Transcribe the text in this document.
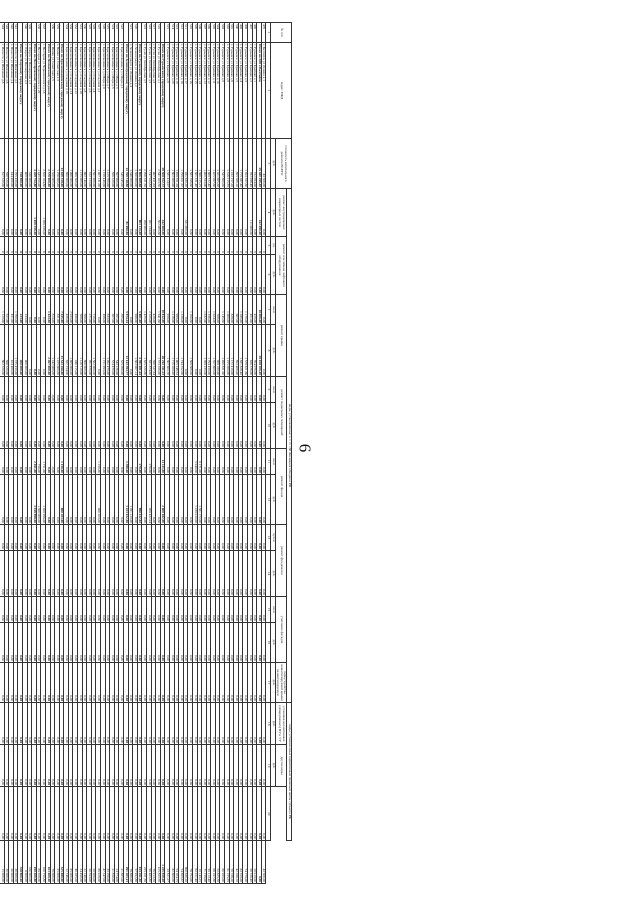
6
№ п/п	Адрес МКД	Стоимость капитального ремонта ВСЕГО	виды, установленные ч. 1 ст. 166 Жилищного Кодекса РФ														виды, установленные нормативным правовым актом субъекта РФ			
			ремонт внутридомовых инженерных систем	ремонт или замена лифтового оборудования		ремонт крыши		ремонт подвальных помещений		ремонт фасада		ремонт фундамента		утепление фасадов		переустройство невентилируемой крыши на вентилируемую	установка коллективных (общедомовых) ПУ и УУ	другие виды		
		руб.	руб.	ед.	руб.	кв.м	руб.	кв.м	руб.	кв.м	руб.	куб.м	руб.	кв.м	руб.	руб.	руб.	руб.		
1	2	3	4	5	6	7	8	9	10	11	12	13	14	15	16	17	18	19	20	
476	г. Балтийск ул Ленина д.1	43 500,00	0,00	0	0,00	0,00	0,00	0,00	0,00	0,00	0,00	0,00	0,00	0,00	0,00	0,00	0,00	0,00	0,00	43 500,00
	Итого по МО г.Балтийск	29 480 296,40	442 090,00	0	0,00	18 006,00	29 038 206,40	0,00	0,00	0,00	0,00	0,00	0,00	0,00	0,00	0,00	0,00	0,00	0,00	0,00
496	г. Гурьевск ул Крайняя д.1	732 094,00	0,00	0	0,00	429,00	704 076,00	0,00	0,00	0,00	0,00	0,00	0,00	0,00	0,00	0,00	0,00	0,00	0,00	28 018,00
497	г. Гурьевск ул Крайняя д.2	782 098,40	111 000,00	0	0,00	451,00	620 378,00	0,00	0,00	0,00	0,00	0,00	0,00	0,00	0,00	0,00	0,00	0,00	0,00	50 720,40
498	г. Гурьевск ул Крайняя д.3	1 653 397,60	0,00	0	0,00	1 179,00	1 578 621,60	0,00	0,00	0,00	0,00	0,00	0,00	0,00	0,00	0,00	0,00	0,00	0,00	74 776,00
499	г. Гурьевск ул Крайняя д.4	1 715 387,40	0,00	0	0,00	1 280,00	1 631 828,40	0,00	0,00	0,00	0,00	0,00	0,00	0,00	0,00	0,00	0,00	0,00	0,00	83 559,00
500	г. Гурьевск ул Крайняя д.5	895 566,10	0,00	0	0,00	607,00	853 406,00	0,00	0,00	0,00	0,00	0,00	0,00	0,00	0,00	0,00	0,00	0,00	0,00	42 160,10
501	г. Гурьевск ул Крайняя д.6	1 232 157,20	0,00	0	0,00	828,00	1 172 419,00	0,00	0,00	0,00	0,00	0,00	0,00	0,00	0,00	0,00	0,00	0,00	0,00	59 738,20
502	г. Гурьевск ул Крайняя д.8	1 316 215,65	0,00	0	0,00	1 000,00	1 255 060,00	0,00	0,00	0,00	0,00	0,00	0,00	0,00	0,00	0,00	0,00	0,00	0,00	61 155,65
503	г. Гурьевск ул Крайняя д.9	1 547 800,00	0,00	0	0,00	1 145,00	1 466 831,00	0,00	0,00	0,00	0,00	0,00	0,00	0,00	0,00	0,00	0,00	0,00	0,00	80 969,00
504	г. Гурьевск ул Крайняя д.10	1 021 005,30	0,00	0	0,00	700,00	968 180,00	0,00	0,00	0,00	0,00	0,00	0,00	0,00	0,00	0,00	0,00	0,00	0,00	52 825,30
505	г. Гурьевск ул Крайняя д.11	1 425 967,60	0,00	0	0,00	1 024,00	1 357 800,00	0,00	0,00	0,00	0,00	0,00	0,00	0,00	0,00	0,00	0,00	0,00	0,00	68 167,60
506	г. Гурьевск ул Крайняя д.12	1 889 572,40	0,00	0	0,00	1 356,00	1 794 459,00	0,00	0,00	0,00	0,00	0,00	0,00	0,00	0,00	0,00	0,00	0,00	0,00	95 113,40
507	г. Гурьевск ул Крайняя д.13	1 469 393,00	0,00	0	0,00	1 032,00	1 398 235,00	0,00	0,00	0,00	0,00	0,00	0,00	0,00	0,00	0,00	0,00	0,00	0,00	71 158,00
508	г. Гурьевск ул Крайняя д.14	1 380 315,25	0,00	0	0,00	0,00	0,00	0,00	0,00	6 171,00	1 361 172,00	0,00	0,00	0,00	0,00	0,00	0,00	0,00	0,00	19 143,25
509	г. Гурьевск ул Крайняя д.15	1 301 231,40	0,00	0	0,00	0,00	0,00	0,00	0,00	5 940,00	1 239 010,00	0,00	0,00	0,00	0,00	0,00	0,00	0,00	0,00	62 221,40
510	г. Гурьевск ул Крайняя д.16	1 587 398,00	0,00	0	0,00	1 100,00	1 508 606,00	0,00	0,00	0,00	0,00	0,00	0,00	0,00	0,00	0,00	0,00	0,00	0,00	78 792,00
511	г. Гурьевск ул Крайняя д.17	931 630,20	331 000,00	0	0,00	0,00	0,00	0,00	0,00	0,00	0,00	0,00	0,00	0,00	0,00	0,00	0,00	0,00	0,00	600 630,20
512	г. Гурьевск ул Крайняя д.18	1 799 021,67	0,00	0	0,00	1 228,00	1 744 352,00	0,00	0,00	0,00	0,00	0,00	0,00	0,00	0,00	0,00	0,00	0,00	0,00	54 669,67
513	г. Гурьевск ул Крайняя д.19	1 459 351,28	0,00	0	0,00	999,00	1 405 246,53	0,00	0,00	0,00	0,00	0,00	0,00	0,00	0,00	0,00	0,00	0,00	0,00	54 104,75
514	г. Гурьевск ул Крайняя д.20	1 802 000,00	0,00	0	0,00	1 216,00	1 719 200,00	0,00	0,00	0,00	0,00	0,00	0,00	0,00	0,00	0,00	0,00	0,00	0,00	82 800,00
515	г. Гурьевск ул Крайняя д.21	1 331 414,97	0,00	0	0,00	958,00	1 307 603,70	0,00	0,00	0,00	0,00	0,00	0,00	0,00	0,00	0,00	0,00	0,00	0,00	23 811,27
	Итого по Гурьевскому городскому округу	29 308 552,72	442 000,00	0	0,00	19 812,00	26 262 411,23	0,00	0,00	12 111,00	2 600 182,00	0,00	0,00	0,00	0,00	0,00	0,00	0,00	0,00	1 245 959,49
516	г. Гусев ул Октябрьская д.1	2 641 203,56	502 000,00	0	0,00	1 641,00	1 723 350,00	0,00	0,00	0,00	0,00	0,00	0,00	0,00	0,00	0,00	0,00	0,00	0,00	415 853,56
517	г. Гусев ул Октябрьская д.3	467 451,03	0,00	0	0,00	420,00	390 537,64	0,00	0,00	0,00	0,00	0,00	0,00	0,00	0,00	0,00	0,00	0,00	0,00	76 913,39
518	г. Гусев ул Октябрьская д.5	1 747 923,83	201 134,00	0	0,00	2 320,00	651 874,00	0,00	0,00	270,00	998 432,94	0,00	0,00	0,00	0,00	0,00	0,00	0,00	0,00	96 482,89
519	г. Гусев ул Октябрьская д.7	2 050 331,56	200 000,00	0	0,00	1 420,00	1 625 320,00	0,00	0,00	0,00	0,00	0,00	0,00	0,00	0,00	0,00	0,00	0,00	0,00	225 011,56
	Итого по Гусевскому городскому округу	6 906 909,98	903 134,00	0	0,00	5 801,00	4 391 081,64	0,00	0,00	270,00	998 432,94	0,00	0,00	0,00	0,00	0,00	0,00	0,00	0,00	814 261,40
520	г. Зеленоградск ул Ленина д.2	1 360 000,00	0,00	0	0,00	980,00	1 302 007,14	0,00	0,00	0,00	0,00	0,00	0,00	0,00	0,00	0,00	0,00	0,00	0,00	57 992,86
521	г. Зеленоградск ул Ленина д.4	1 340 000,00	0,00	0	0,00	0,00	0,00	0,00	0,00	0,00	1 261 120,00	0,00	0,00	0,00	0,00	0,00	0,00	0,00	0,00	78 880,00
	Итого по Зеленоградскому городскому округу	14 769 318,90	81 690,00	0	0,00	5 974,24	13 143 393,77	0,00	0,00	1 390,00	1 253 032,00	0,00	0,00	0,00	0,00	0,00	0,00	0,00	0,00	291 203,13
522	г. Краснознаменск ул Мира д.1	546 945,00	0,00	0	0,00	395,00	525 060,00	0,00	0,00	0,00	0,00	0,00	0,00	0,00	0,00	0,00	0,00	0,00	0,00	21 885,00
523	г. Краснознаменск ул Мира д.3	567 900,00	0,00	0	0,00	261,00	543 126,00	0,00	0,00	0,00	0,00	0,00	0,00	0,00	0,00	0,00	0,00	0,00	0,00	24 774,00
524	г. Краснознаменск ул Мира д.5	596 320,00	0,00	0	0,00	307,00	574 470,00	0,00	0,00	0,00	0,00	0,00	0,00	0,00	0,00	0,00	0,00	0,00	0,00	21 850,00
525	г. Краснознаменск ул Мира д.7	1 125 760,00	0,00	0	0,00	633,00	1 092 470,00	0,00	0,00	0,00	0,00	0,00	0,00	0,00	0,00	0,00	0,00	0,00	0,00	33 290,00
526	г. Краснознаменск ул Мира д.9	1 198 440,00	0,00	0	0,00	498,00	1 151 093,00	0,00	0,00	0,00	0,00	0,00	0,00	0,00	0,00	0,00	0,00	0,00	0,00	47 347,00
527	г. Краснознаменск ул Садовая д.2	1 067 131,00	0,00	0	0,00	0,00	0,00	0,00	0,00	1 150,00	980 203,00	0,00	0,00	0,00	0,00	0,00	0,00	0,00	0,00	86 928,00
528	г. Краснознаменск ул Садовая д.4	1 561 900,00	0,00	0	0,00	719,00	1 502 000,00	0,00	0,00	0,00	0,00	0,00	0,00	0,00	0,00	0,00	0,00	0,00	0,00	59 900,00
529	г. Краснознаменск ул Садовая д.6	722 223,00	0,00	0	0,00	271,00	701 870,00	0,00	0,00	0,00	0,00	0,00	0,00	0,00	0,00	0,00	0,00	0,00	0,00	20 353,00
530	г. Краснознаменск ул Садовая д.8	882 140,00	0,00	0	0,00	500,00	860 000,00	0,00	0,00	0,00	0,00	0,00	0,00	0,00	0,00	0,00	0,00	0,00	0,00	22 140,00
531	г. Краснознаменск ул Садовая д.10	1 155 000,00	0,00	0	0,00	508,00	1 120 510,00	0,00	0,00	0,00	0,00	0,00	0,00	0,00	0,00	0,00	0,00	0,00	0,00	34 490,00
532	г. Краснознаменск ул Садовая д.12	986 500,00	0,00	0	0,00	490,00	940 215,00	0,00	0,00	0,00	0,00	0,00	0,00	0,00	0,00	0,00	0,00	0,00	0,00	46 285,00
533	г. Краснознаменск ул Садовая д.14	1 980 000,00	0,00	0	0,00	2 033,00	1 895 000,00	0,00	0,00	0,00	0,00	0,00	0,00	0,00	0,00	0,00	0,00	0,00	0,00	85 000,00
534	г. Краснознаменск ул Садовая д.16	660 000,00	0,00	0	0,00	430,00	637 254,00	0,00	0,00	0,00	0,00	0,00	0,00	0,00	0,00	0,00	0,00	0,00	0,00	22 746,00
	Итого по Краснознаменскому городскому округу	13 049 359,00	0,00	0	0,00	7 045,00	11 543 268,00	0,00	0,00	1 150,00	980 203,00	0,00	0,00	0,00	0,00	0,00	0,00	0,00	0,00	525 888,00
535	г. Неман ул Советская д.3	1 250 000,00	0,00	0	0,00	811,00	1 225 000,00	0,00	0,00	0,00	0,00	0,00	0,00	0,00	0,00	0,00	0,00	0,00	0,00	25 000,00
536	г. Неман ул Советская д.5	1 320 000,00	0,00	0	0,00	813,00	1 242 000,00	0,00	0,00	0,00	0,00	0,00	0,00	0,00	0,00	0,00	0,00	0,00	0,00	78 000,00
	Итого по Неманскому городскому округу	2 570 000,00	0,00	0	0,00	1 624,00	2 467 000,00	0,00	0,00	0,00	0,00	0,00	0,00	0,00	0,00	0,00	0,00	0,00	0,00	103 000,00
537	г. Нестеров ул Черняховского д.18	2 820 104,80	1 059 356,00	0	0,00	0,00	0,00	0,00	0,00	1 711,00	1 659 998,00	0,00	0,00	0,00	0,00	0,00	0,00	0,00	0,00	100 750,80
538	г. Нестеров ул Черняховского д.20	1 449 650,00	0,00	0	0,00	0,00	0,00	0,00	0,00	750,00	1 360 000,00	0,00	0,00	0,00	0,00	0,00	0,00	0,00	0,00	89 650,00
	Итого по Нестеровскому городскому округу	4 269 754,80	1 059 356,00	0	0,00	0,00	0,00	0,00	0,00	2 461,00	3 019 998,00	0,00	0,00	0,00	0,00	0,00	0,00	0,00	0,00	190 400,80
539	г. Озерск ул Пионерская д.3	330 000,00	0,00	0	0,00	0,00	0,00	0,00	0,00	0,00	0,00	0,00	0,00	0,00	0,00	0,00	0,00	0,00	0,00	330 000,00
540	г. Озерск ул Пионерская д.5	408 900,00	0,00	0	0,00	233,00	400 000,00	0,00	0,00	0,00	0,00	0,00	0,00	0,00	0,00	0,00	0,00	0,00	0,00	8 900,00
	Итого по Озерскому городскому округу	738 900,00	0,00	0	0,00	233,00	400 000,00	0,00	0,00	0,00	0,00	0,00	0,00	0,00	0,00	0,00	0,00	0,00	0,00	338 900,00
541	г. Полесск ул Шевченко д.2	1 765 450,00	0,00	0	0,00	1 760,00	1 735 450,00	0,00	0,00	0,00	0,00	0,00	0,00	0,00	0,00	0,00	0,00	0,00	0,00	30 000,00
542	г. Полесск ул Шевченко д.4	444 460,00	0,00	0	0,00	451,00	424 460,00	0,00	0,00	0,00	0,00	0,00	0,00	0,00	0,00	0,00	0,00	0,00	0,00	20 000,00
543	г. Полесск ул Шевченко д.6	590 520,00	0,00	0	0,00	521,00	560 520,00	0,00	0,00	0,00	0,00	0,00	0,00	0,00	0,00	0,00	0,00	0,00	0,00	30 000,00
544	г. Полесск ул Шевченко д.8	817 320,00	0,00	0	0,00	1 123,00	802 320,00	0,00	0,00	0,00	0,00	0,00	0,00	0,00	0,00	0,00	0,00	0,00	0,00	15 000,00
